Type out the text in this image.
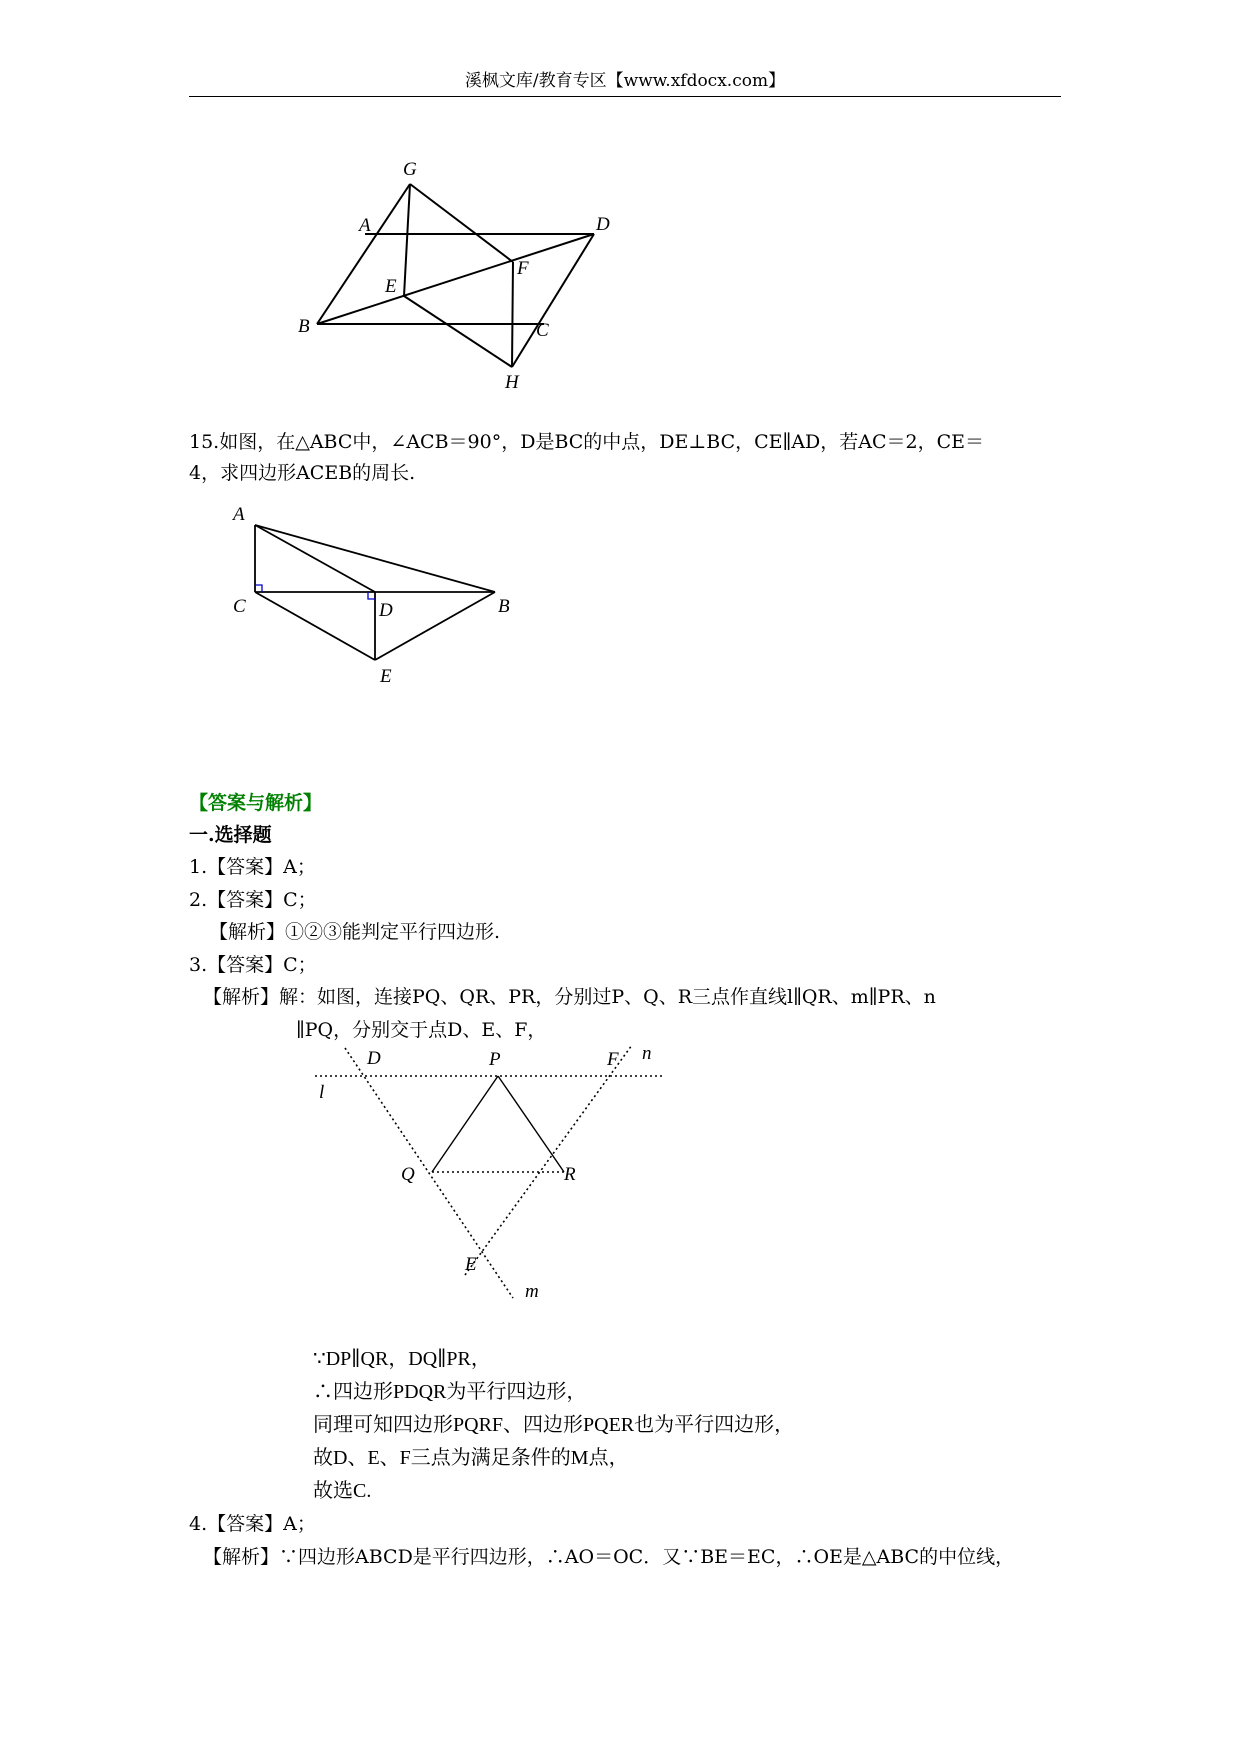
溪枫文库/教育专区【www.xfdocx.com】
G
A	D
F
E
B	C
H
15.如图，在△ABC中，∠ACB＝90°，D是BC的中点，DE⊥BC，CE∥AD，若AC＝2，CE＝
4，求四边形ACEB的周长.
A
C	D	B
E
【答案与解析】
一.选择题
1.【答案】A；
2.【答案】C；
【解析】①②③能判定平行四边形.
3.【答案】C；
【解析】解：如图，连接PQ、QR、PR，分别过P、Q、R三点作直线l∥QR、m∥PR、n
∥PQ，分别交于点D、E、F，
D	P	F n
l
Q	R
E
m
∵DP∥QR，DQ∥PR，
∴四边形PDQR为平行四边形，
同理可知四边形PQRF、四边形PQER也为平行四边形，
故D、E、F三点为满足条件的M点，
故选C.
4.【答案】A；
【解析】∵四边形ABCD是平行四边形，∴AO＝OC．又∵BE＝EC，∴OE是△ABC的中位线，
